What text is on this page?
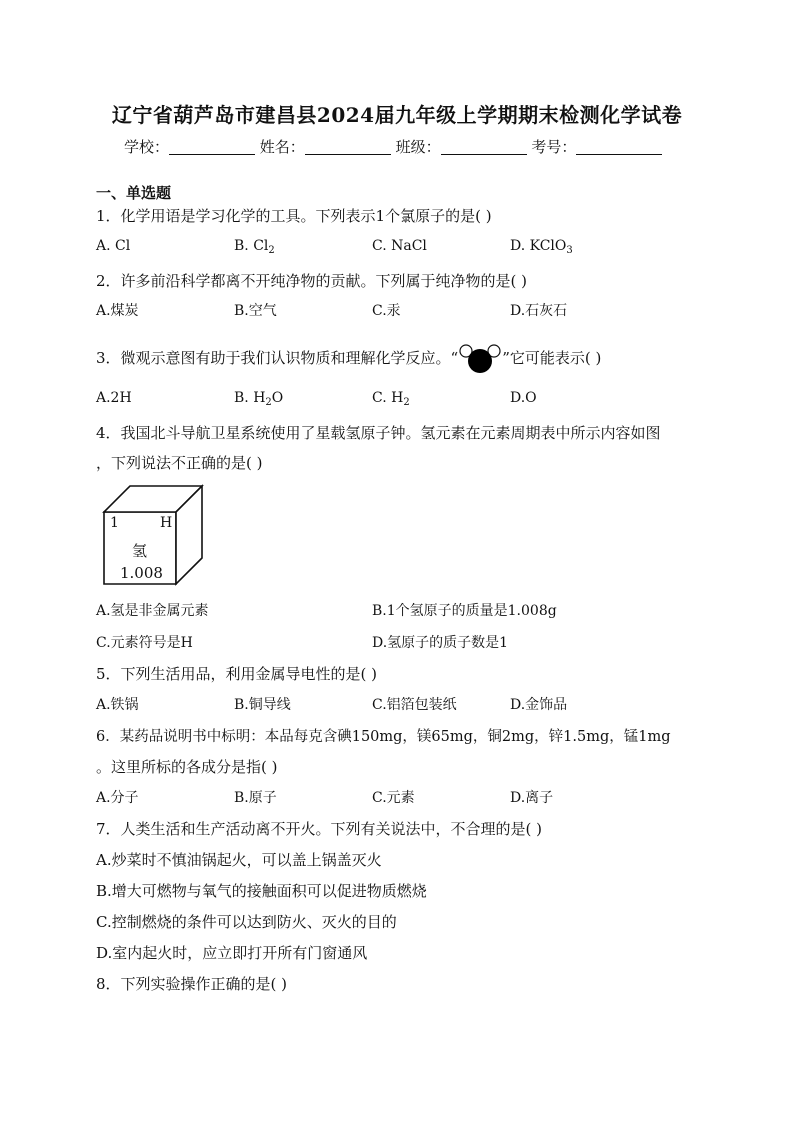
辽宁省葫芦岛市建昌县2024届九年级上学期期末检测化学试卷
学校：	姓名：	班级：	考号：
一、单选题
1．化学用语是学习化学的工具。下列表示1个氯原子的是( )
A. Cl	B. $Cl_2$	C. NaCl	D. KClO$_3$
2．许多前沿科学都离不开纯净物的贡献。下列属于纯净物的是( )
A.煤炭	B.空气	C.汞	D.石灰石
3．微观示意图有助于我们认识物质和理解化学反应。“	”它可能表示( )
A.2H	B. $H_2O$	C. $H_2$	D.O
4．我国北斗导航卫星系统使用了星载氢原子钟。氢元素在元素周期表中所示内容如图
，下列说法不正确的是( )
1	H
氢
1.008
A.氢是非金属元素	B.1个氢原子的质量是1.008g
C.元素符号是H	D.氢原子的质子数是1
5．下列生活用品，利用金属导电性的是( )
A.铁锅	B.铜导线	C.铝箔包装纸	D.金饰品
6．某药品说明书中标明：本品每克含碘150mg，镁65mg，铜2mg，锌1.5mg，锰1mg
。这里所标的各成分是指( )
A.分子	B.原子	C.元素	D.离子
7．人类生活和生产活动离不开火。下列有关说法中，不合理的是( )
A.炒菜时不慎油锅起火，可以盖上锅盖灭火
B.增大可燃物与氧气的接触面积可以促进物质燃烧
C.控制燃烧的条件可以达到防火、灭火的目的
D.室内起火时，应立即打开所有门窗通风
8．下列实验操作正确的是( )
